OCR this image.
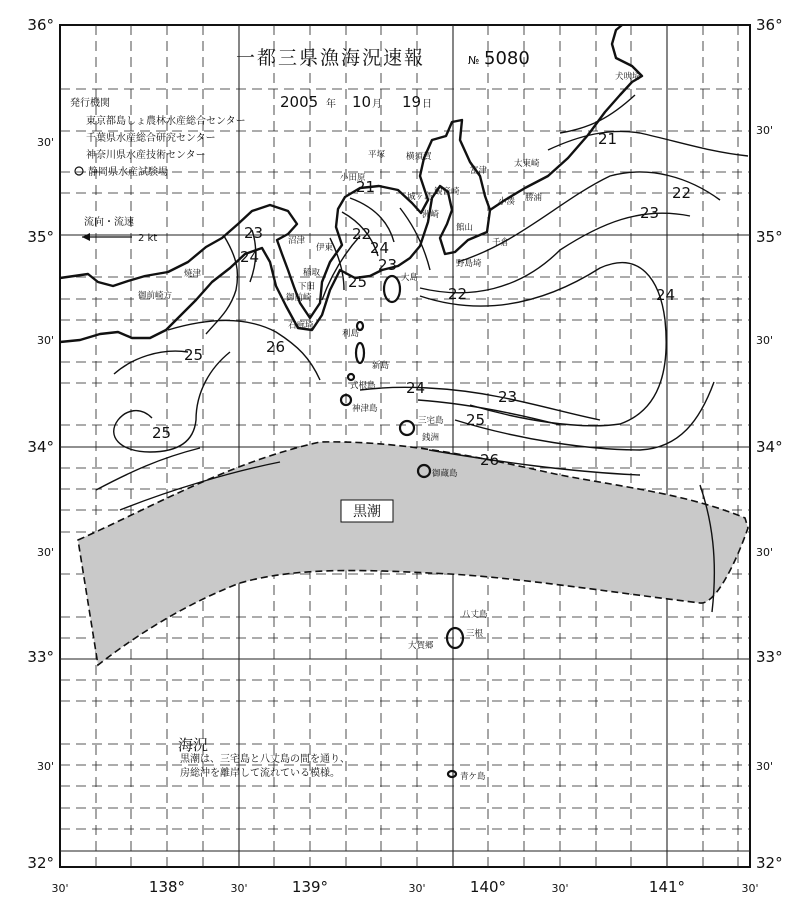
21
22
23
24
22
23
24
25
26
23
24
21
22
24
23
25
26
25
25
犬吠埼
平塚 横須賀
富津
小田原
観音崎
太東崎
勝浦
小湊
千倉
館山
洲崎
野島埼
城ヶ島
沼津
焼津
伊東
稲取
下田
石廊埼
御前崎
御前崎方
大島
利島
新島
式根島
三宅島
神津島
御蔵島
八丈島
三根
大賀郷
青ケ島
銭洲
黒潮
一都三県漁海況速報	№ 5080
2005 年 10 月 19 日
発行機関
東京都島しょ農林水産総合センター
千葉県水産総合研究センター
神奈川県水産技術センター
静岡県水産試験場
流向・流速
2 kt
海況
黒潮は、三宅島と八丈島の間を通り、
房総沖を離岸して流れている模様。
36°
30'
35°
30'
34°
30'
33°
30'
32°
36°
30'
35°
30'
34°
30'
33°
30'
32°
30'	138°	30'	139°	30'	140°	30'	141°	30'
